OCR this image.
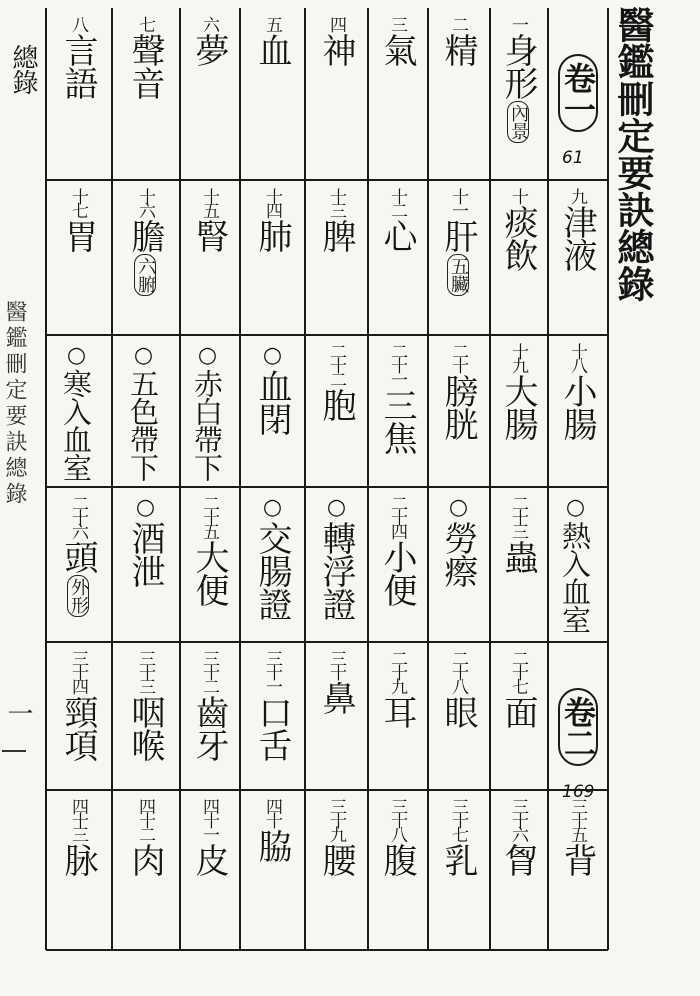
醫鑑刪定要訣總錄
總錄
醫鑑刪定要訣總錄
一
卷一
61
九津液
十八小腸
○熱入血室
卷二
169
三十五背
一身形內景
十痰飲
十九大腸
二十三蟲
二十七面
三十六胷
二精
十一肝五臟
二十膀胱
○勞瘵
二十八眼
三十七乳
三氣
十二心
二十一三焦
二十四小便
二十九耳
三十八腹
四神
十三脾
二十二胞
○轉浮證
三十鼻
三十九腰
五血
十四肺
○血閉
○交腸證
三十一口舌
四十脇
六夢
十五腎
○赤白帶下
二十五大便
三十二齒牙
四十一皮
七聲音
十六膽六腑
○五色帶下
○酒泄
三十三咽喉
四十二肉
八言語
十七胃
○寒入血室
二十六頭外形
三十四頸項
四十三脉
